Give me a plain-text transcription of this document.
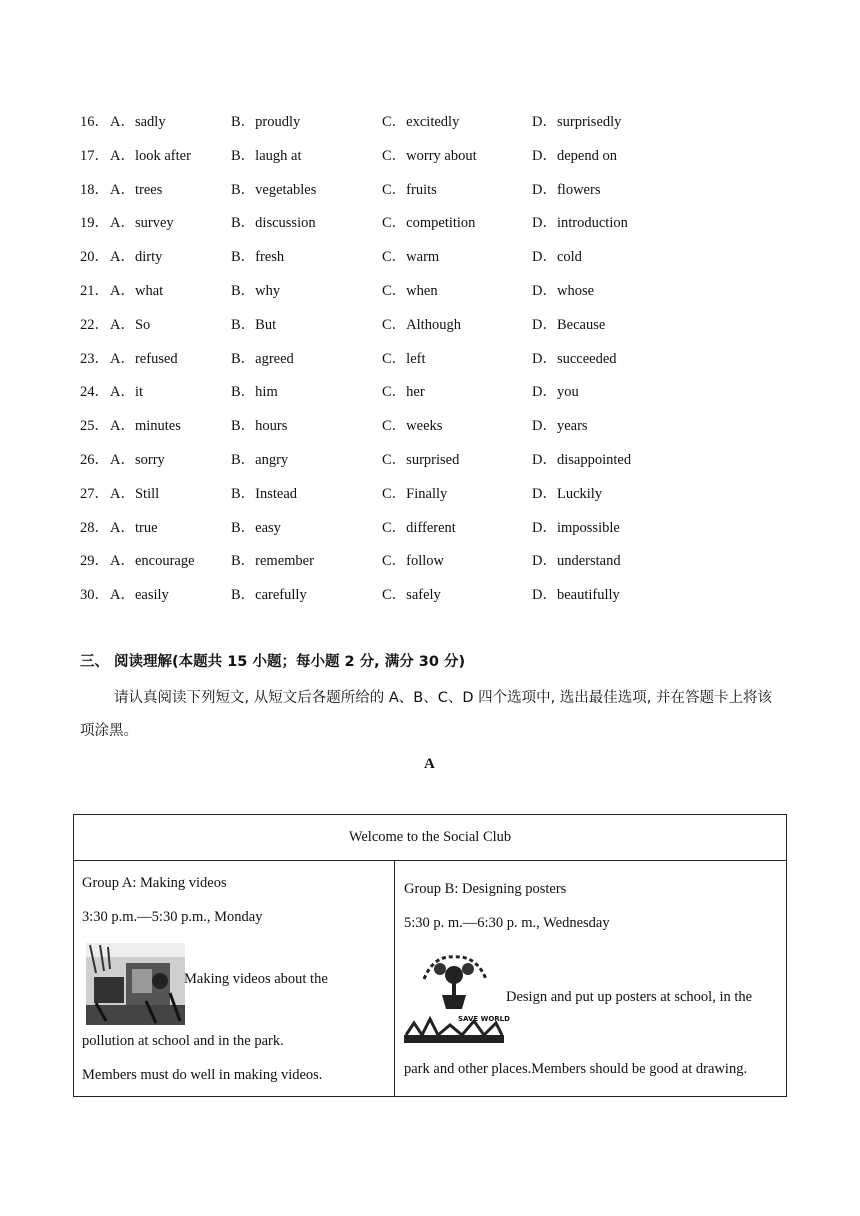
16． A．sadly	B．proudly	C．excitedly	D．surprisedly
17． A．look after	B．laugh at	C．worry about	D．depend on
18． A．trees	B．vegetables	C．fruits	D．flowers
19． A．survey	B．discussion	C．competition	D．introduction
20． A．dirty	B．fresh	C．warm	D．cold
21． A．what	B．why	C．when	D．whose
22． A．So	B．But	C．Although	D．Because
23． A．refused	B．agreed	C．left	D．succeeded
24． A．it	B．him	C．her	D．you
25． A．minutes	B．hours	C．weeks	D．years
26． A．sorry	B．angry	C．surprised	D．disappointed
27． A．Still	B．Instead	C．Finally	D．Luckily
28． A．true	B．easy	C．different	D．impossible
29． A．encourage	B．remember	C．follow	D．understand
30． A．easily	B．carefully	C．safely	D．beautifully
三、 阅读理解(本题共 15 小题；每小题 2 分, 满分 30 分)
请认真阅读下列短文, 从短文后各题所给的 A、B、C、D 四个选项中, 选出最佳选项, 并在答题卡上将该项涂黑。
A
Welcome to the Social Club
Group A: Making videos
3:30 p.m.—5:30 p.m., Monday
Making videos about the
pollution at school and in the park.
Members must do well in making videos.
Group B: Designing posters
5:30 p. m.—6:30 p. m., Wednesday
SAVE WORLD
Design and put up posters at school, in the
park and other places.Members should be good at drawing.
